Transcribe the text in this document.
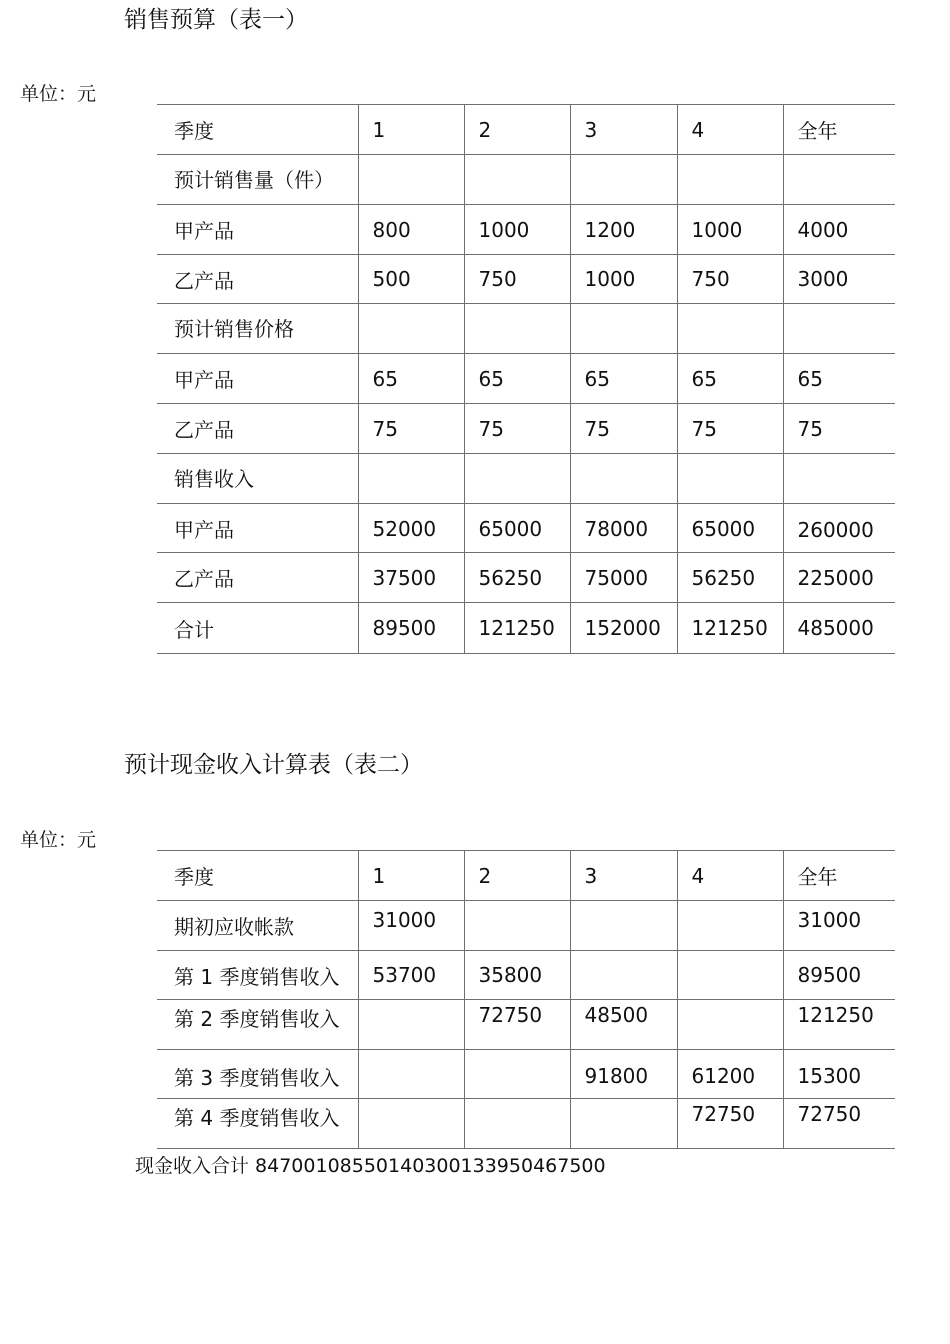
销售预算（表一）
单位：元
季度	1	2	3	4	全年
预计销售量（件）					
甲产品	800	1000	1200	1000	4000
乙产品	500	750	1000	750	3000
预计销售价格					
甲产品	65	65	65	65	65
乙产品	75	75	75	75	75
销售收入					
甲产品	52000	65000	78000	65000	260000
乙产品	37500	56250	75000	56250	225000
合计	89500	121250	152000	121250	485000
预计现金收入计算表（表二）
单位：元
季度	1	2	3	4	全年
期初应收帐款	31000				31000
第 1 季度销售收入	53700	35800			89500
第 2 季度销售收入		72750	48500		121250
第 3 季度销售收入			91800	61200	15300
第 4 季度销售收入				72750	72750
现金收入合计 847001085501403001339504675​00
